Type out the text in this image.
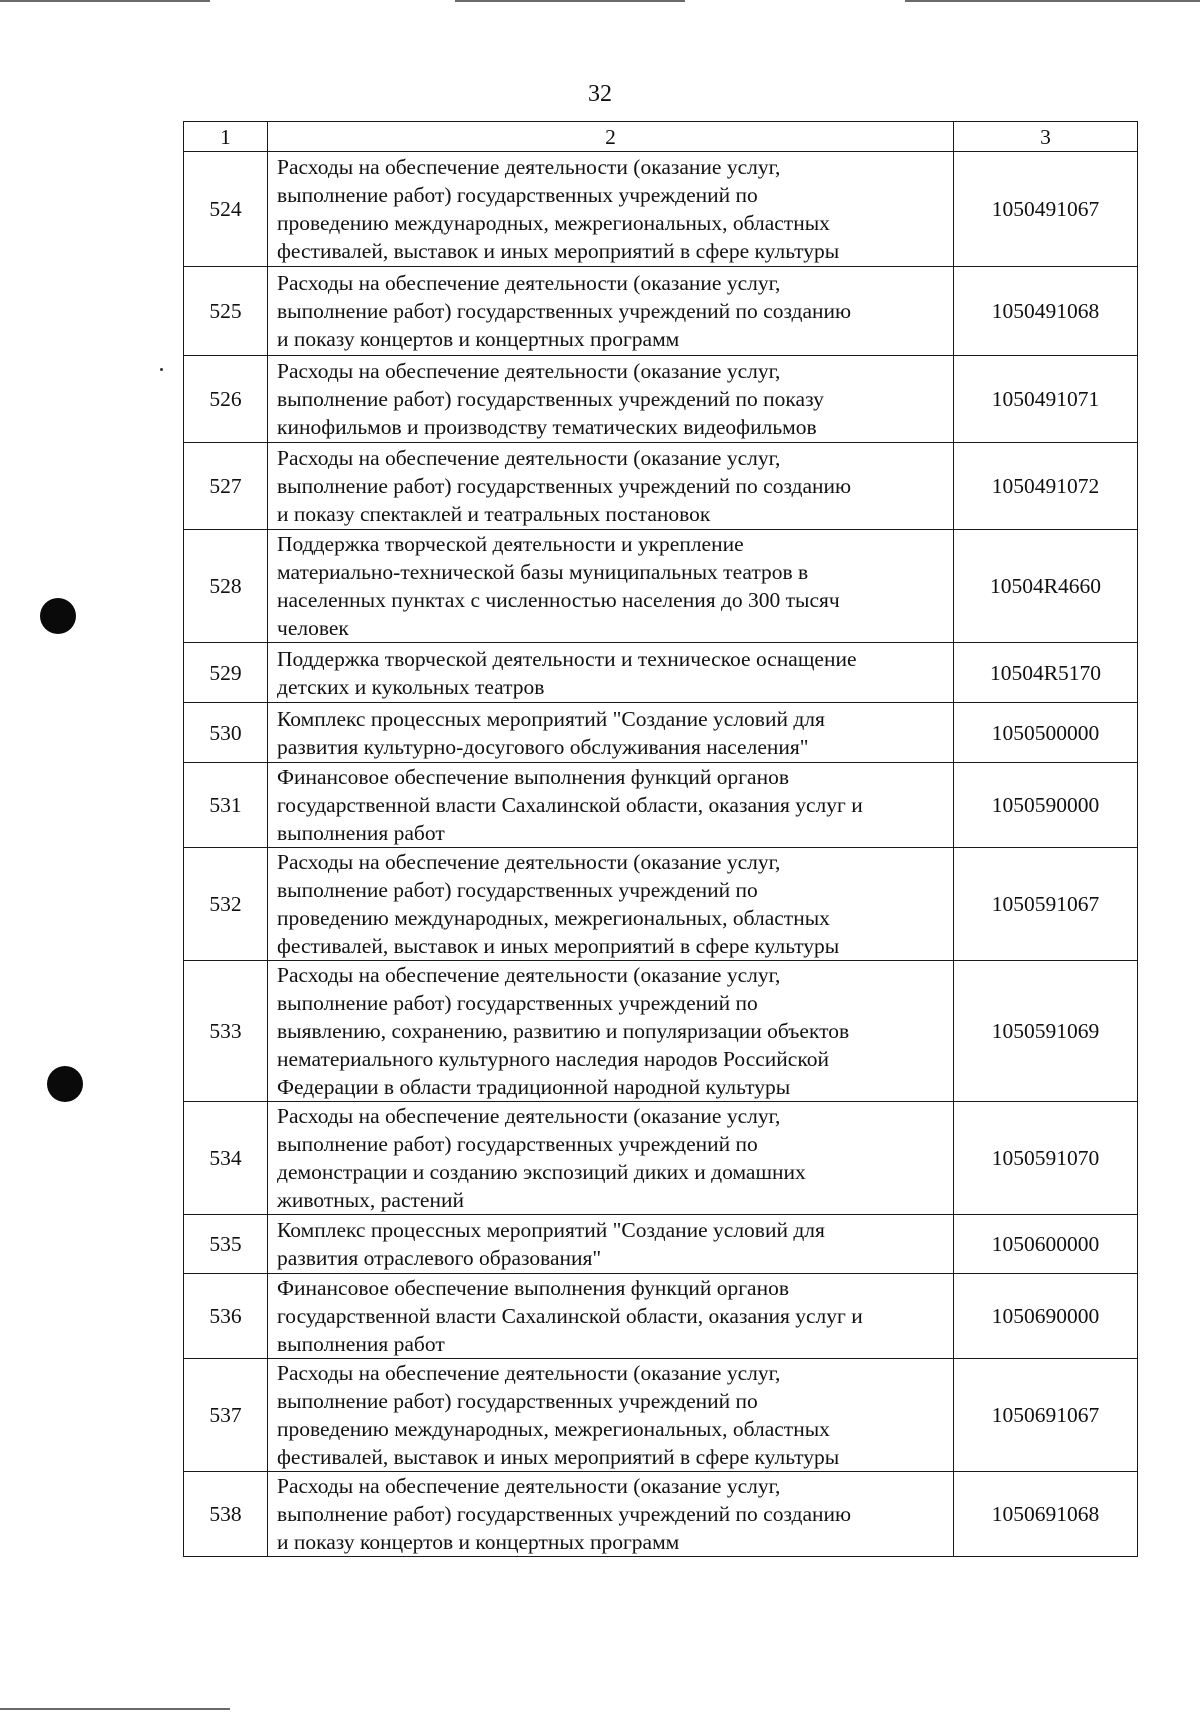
32
1	2	3
524	Расходы на обеспечение деятельности (оказание услуг,
выполнение работ) государственных учреждений по
проведению международных, межрегиональных, областных
фестивалей, выставок и иных мероприятий в сфере культуры	1050491067
525	Расходы на обеспечение деятельности (оказание услуг,
выполнение работ) государственных учреждений по созданию
и показу концертов и концертных программ	1050491068
526	Расходы на обеспечение деятельности (оказание услуг,
выполнение работ) государственных учреждений по показу
кинофильмов и производству тематических видеофильмов	1050491071
527	Расходы на обеспечение деятельности (оказание услуг,
выполнение работ) государственных учреждений по созданию
и показу спектаклей и театральных постановок	1050491072
528	Поддержка творческой деятельности и укрепление
материально-технической базы муниципальных театров в
населенных пунктах с численностью населения до 300 тысяч
человек	10504R4660
529	Поддержка творческой деятельности и техническое оснащение
детских и кукольных театров	10504R5170
530	Комплекс процессных мероприятий "Создание условий для
развития культурно-досугового обслуживания населения"	1050500000
531	Финансовое обеспечение выполнения функций органов
государственной власти Сахалинской области, оказания услуг и
выполнения работ	1050590000
532	Расходы на обеспечение деятельности (оказание услуг,
выполнение работ) государственных учреждений по
проведению международных, межрегиональных, областных
фестивалей, выставок и иных мероприятий в сфере культуры	1050591067
533	Расходы на обеспечение деятельности (оказание услуг,
выполнение работ) государственных учреждений по
выявлению, сохранению, развитию и популяризации объектов
нематериального культурного наследия народов Российской
Федерации в области традиционной народной культуры	1050591069
534	Расходы на обеспечение деятельности (оказание услуг,
выполнение работ) государственных учреждений по
демонстрации и созданию экспозиций диких и домашних
животных, растений	1050591070
535	Комплекс процессных мероприятий "Создание условий для
развития отраслевого образования"	1050600000
536	Финансовое обеспечение выполнения функций органов
государственной власти Сахалинской области, оказания услуг и
выполнения работ	1050690000
537	Расходы на обеспечение деятельности (оказание услуг,
выполнение работ) государственных учреждений по
проведению международных, межрегиональных, областных
фестивалей, выставок и иных мероприятий в сфере культуры	1050691067
538	Расходы на обеспечение деятельности (оказание услуг,
выполнение работ) государственных учреждений по созданию
и показу концертов и концертных программ	1050691068
